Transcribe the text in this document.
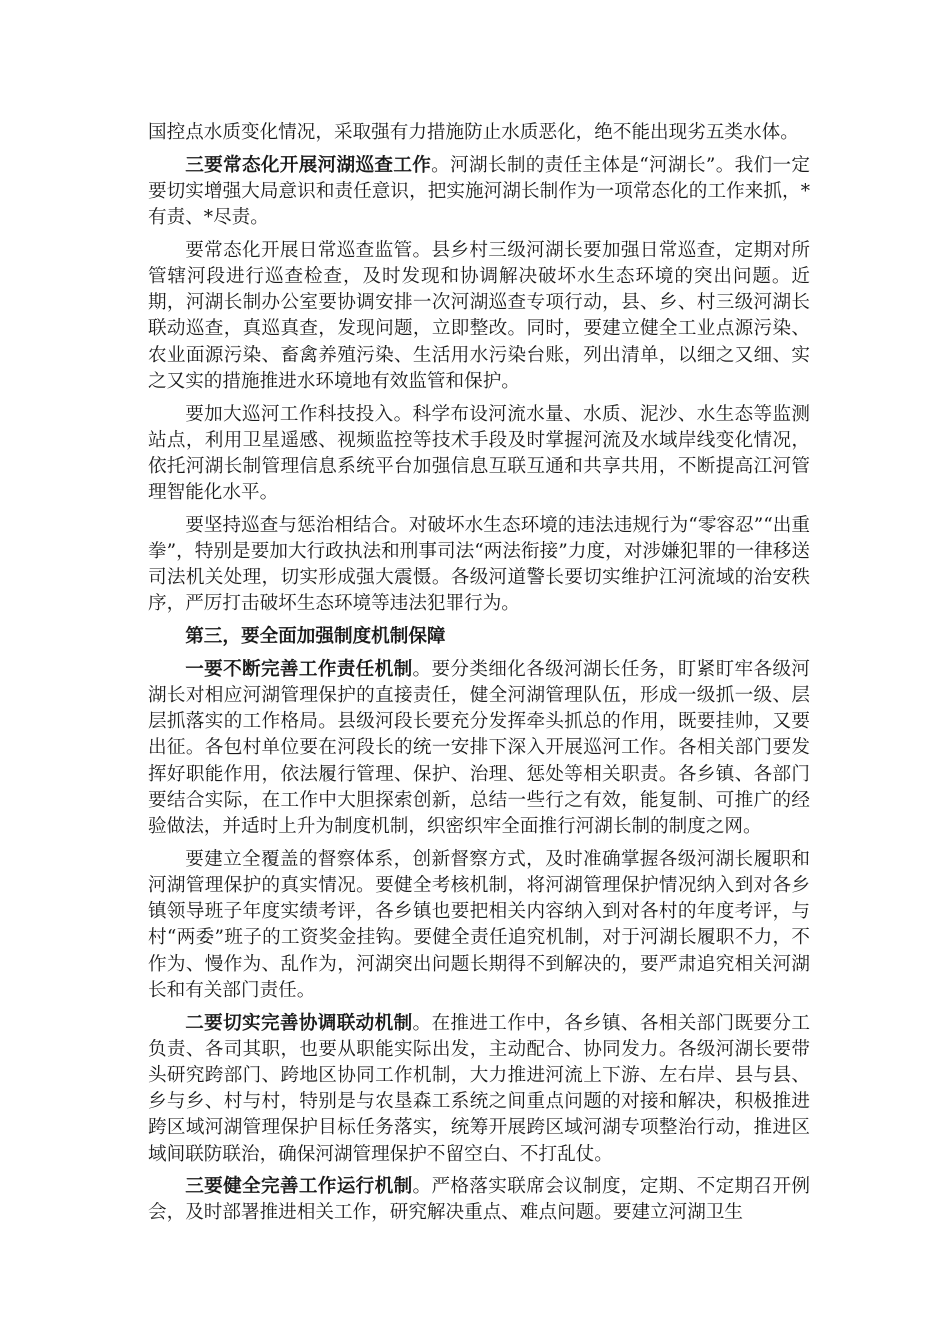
国控点水质变化情况，采取强有力措施防止水质恶化，绝不能出现劣五类水体。

三要常态化开展河湖巡查工作。河湖长制的责任主体是“河湖长”。我们一定要切实增强大局意识和责任意识，把实施河湖长制作为一项常态化的工作来抓，*有责、*尽责。

要常态化开展日常巡查监管。县乡村三级河湖长要加强日常巡查，定期对所管辖河段进行巡查检查，及时发现和协调解决破坏水生态环境的突出问题。近期，河湖长制办公室要协调安排一次河湖巡查专项行动，县、乡、村三级河湖长联动巡查，真巡真查，发现问题，立即整改。同时，要建立健全工业点源污染、农业面源污染、畜禽养殖污染、生活用水污染台账，列出清单，以细之又细、实之又实的措施推进水环境地有效监管和保护。

要加大巡河工作科技投入。科学布设河流水量、水质、泥沙、水生态等监测站点，利用卫星遥感、视频监控等技术手段及时掌握河流及水域岸线变化情况，依托河湖长制管理信息系统平台加强信息互联互通和共享共用，不断提高江河管理智能化水平。

要坚持巡查与惩治相结合。对破坏水生态环境的违法违规行为“零容忍”“出重拳”，特别是要加大行政执法和刑事司法“两法衔接”力度，对涉嫌犯罪的一律移送司法机关处理，切实形成强大震慑。各级河道警长要切实维护江河流域的治安秩序，严厉打击破坏生态环境等违法犯罪行为。

第三，要全面加强制度机制保障

一要不断完善工作责任机制。要分类细化各级河湖长任务，盯紧盯牢各级河湖长对相应河湖管理保护的直接责任，健全河湖管理队伍，形成一级抓一级、层层抓落实的工作格局。县级河段长要充分发挥牵头抓总的作用，既要挂帅，又要出征。各包村单位要在河段长的统一安排下深入开展巡河工作。各相关部门要发挥好职能作用，依法履行管理、保护、治理、惩处等相关职责。各乡镇、各部门要结合实际，在工作中大胆探索创新，总结一些行之有效，能复制、可推广的经验做法，并适时上升为制度机制，织密织牢全面推行河湖长制的制度之网。

要建立全覆盖的督察体系，创新督察方式，及时准确掌握各级河湖长履职和河湖管理保护的真实情况。要健全考核机制，将河湖管理保护情况纳入到对各乡镇领导班子年度实绩考评，各乡镇也要把相关内容纳入到对各村的年度考评，与村“两委”班子的工资奖金挂钩。要健全责任追究机制，对于河湖长履职不力，不作为、慢作为、乱作为，河湖突出问题长期得不到解决的，要严肃追究相关河湖长和有关部门责任。

二要切实完善协调联动机制。在推进工作中，各乡镇、各相关部门既要分工负责、各司其职，也要从职能实际出发，主动配合、协同发力。各级河湖长要带头研究跨部门、跨地区协同工作机制，大力推进河流上下游、左右岸、县与县、乡与乡、村与村，特别是与农垦森工系统之间重点问题的对接和解决，积极推进跨区域河湖管理保护目标任务落实，统筹开展跨区域河湖专项整治行动，推进区域间联防联治，确保河湖管理保护不留空白、不打乱仗。

三要健全完善工作运行机制。严格落实联席会议制度，定期、不定期召开例会，及时部署推进相关工作，研究解决重点、难点问题。要建立河湖卫生
